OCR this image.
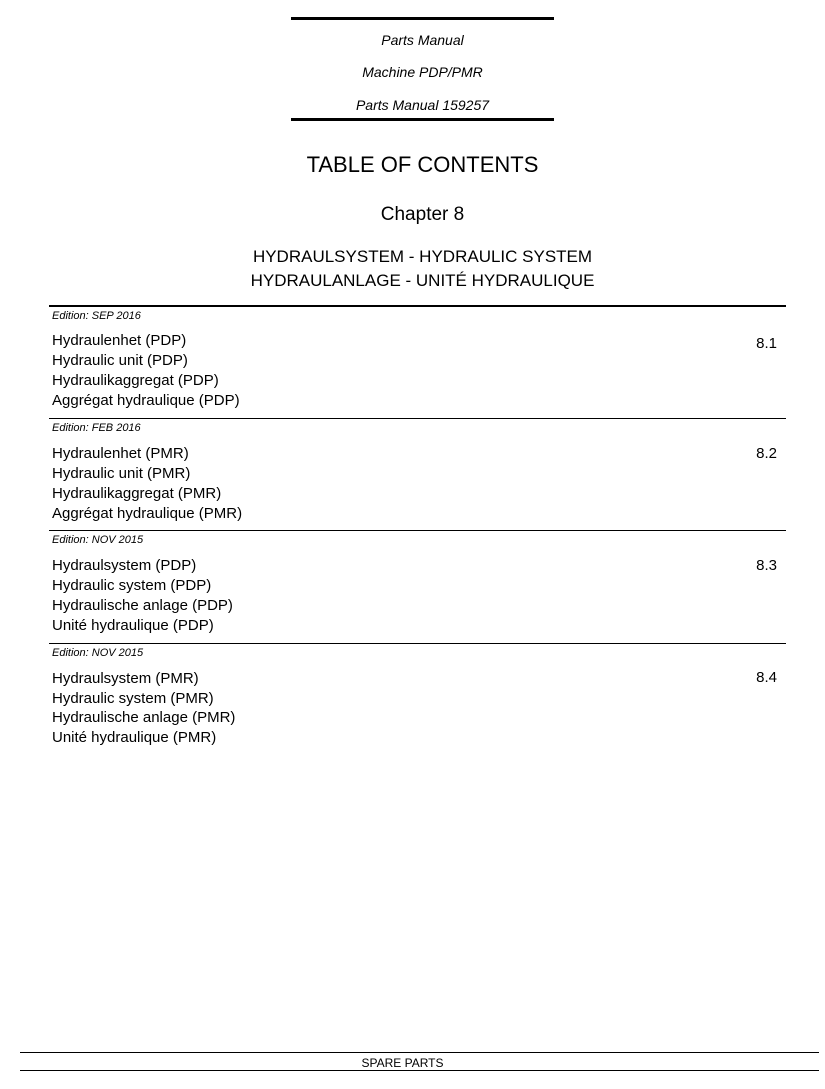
Parts Manual
Machine PDP/PMR
Parts Manual 159257
TABLE OF CONTENTS
Chapter 8
HYDRAULSYSTEM - HYDRAULIC SYSTEM
HYDRAULANLAGE - UNITÉ HYDRAULIQUE
Edition: SEP 2016
Hydraulenhet (PDP)
Hydraulic unit (PDP)
Hydraulikaggregat (PDP)
Aggrégat hydraulique (PDP)
8.1
Edition: FEB 2016
Hydraulenhet (PMR)
Hydraulic unit (PMR)
Hydraulikaggregat (PMR)
Aggrégat hydraulique (PMR)
8.2
Edition: NOV 2015
Hydraulsystem (PDP)
Hydraulic system (PDP)
Hydraulische anlage (PDP)
Unité hydraulique (PDP)
8.3
Edition: NOV 2015
Hydraulsystem (PMR)
Hydraulic system (PMR)
Hydraulische anlage (PMR)
Unité hydraulique (PMR)
8.4
SPARE PARTS
